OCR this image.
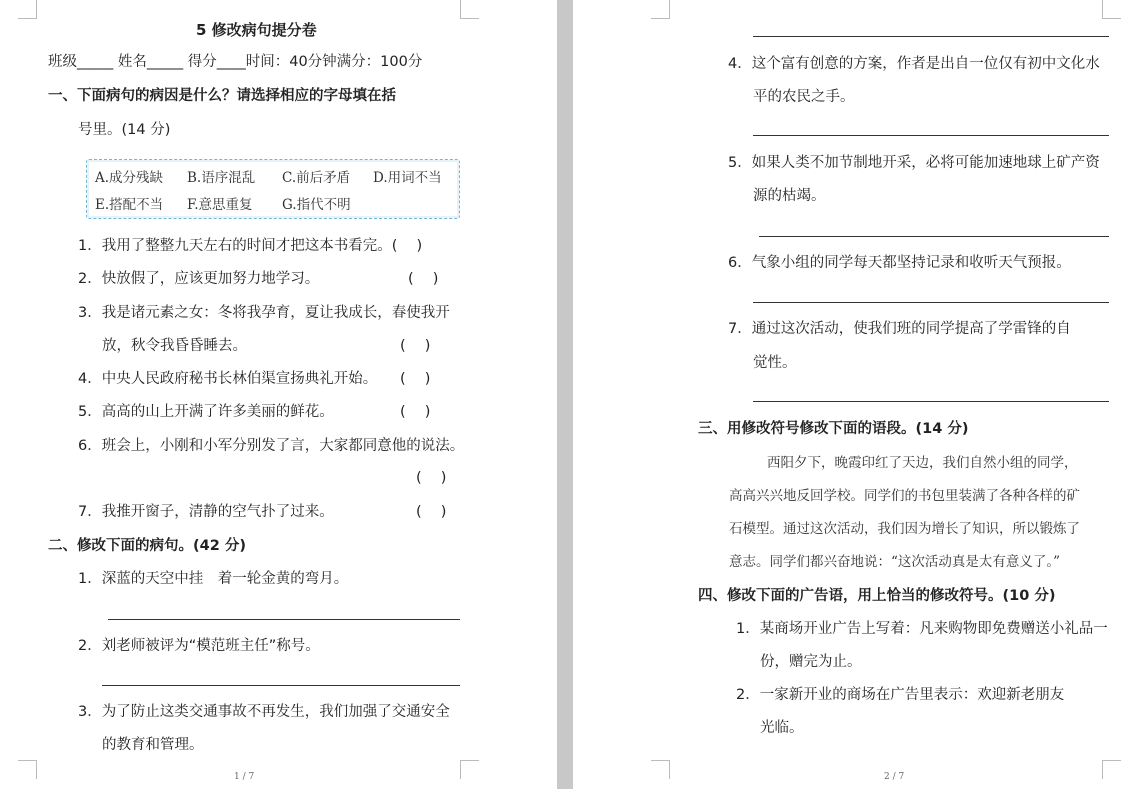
5 修改病句提分卷
班级_____ 姓名_____ 得分____时间：40分钟满分：100分
一、下面病句的病因是什么？请选择相应的字母填在括
号里。(14 分)
A.成分残缺 B.语序混乱 C.前后矛盾 D.用词不当
E.搭配不当 F.意思重复 G.指代不明
1．我用了整整九天左右的时间才把这本书看完。(　 )
2．快放假了，应该更加努力地学习。	(　 )
3．我是诸元素之女：冬将我孕育，夏让我成长，春使我开
放，秋令我昏昏睡去。	(　 )
4．中央人民政府秘书长林伯渠宣扬典礼开始。 (　 )
5．高高的山上开满了许多美丽的鲜花。	(　 )
6．班会上，小刚和小军分别发了言，大家都同意他的说法。
(　 )
7．我推开窗子，清静的空气扑了过来。	(　 )
二、修改下面的病句。(42 分)
1．深蓝的天空中挂　着一轮金黄的弯月。
2．刘老师被评为“模范班主任”称号。
3．为了防止这类交通事故不再发生，我们加强了交通安全
的教育和管理。
1 / 7
4．这个富有创意的方案，作者是出自一位仅有初中文化水
平的农民之手。
5．如果人类不加节制地开采，必将可能加速地球上矿产资
源的枯竭。
6．气象小组的同学每天都坚持记录和收听天气预报。
7．通过这次活动，使我们班的同学提高了学雷锋的自
觉性。
三、用修改符号修改下面的语段。(14 分)
西阳夕下，晚霞印红了天边，我们自然小组的同学，
高高兴兴地反回学校。同学们的书包里装满了各种各样的矿
石模型。通过这次活动，我们因为增长了知识，所以锻炼了
意志。同学们都兴奋地说：“这次活动真是太有意义了。”
四、修改下面的广告语，用上恰当的修改符号。(10 分)
1．某商场开业广告上写着：凡来购物即免费赠送小礼品一
份，赠完为止。
2．一家新开业的商场在广告里表示：欢迎新老朋友
光临。
2 / 7
